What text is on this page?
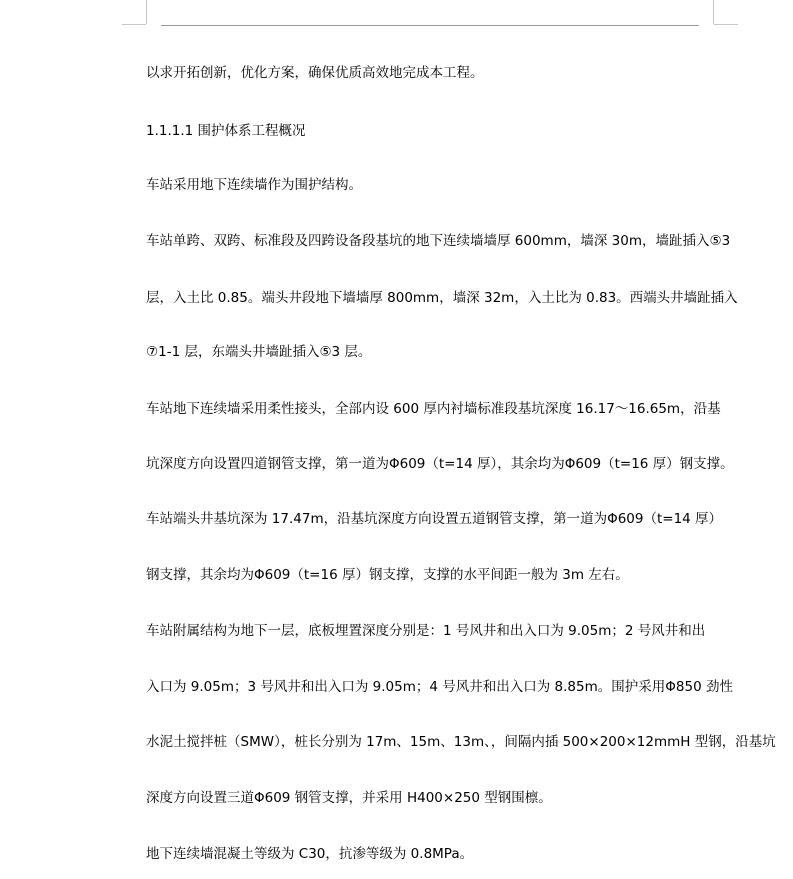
以求开拓创新，优化方案，确保优质高效地完成本工程。
1.1.1.1 围护体系工程概况
车站采用地下连续墙作为围护结构。
车站单跨、双跨、标准段及四跨设备段基坑的地下连续墙墙厚 600mm，墙深 30m，墙趾插入⑤3
层，入土比 0.85。端头井段地下墙墙厚 800mm，墙深 32m，入土比为 0.83。西端头井墙趾插入
⑦1-1 层，东端头井墙趾插入⑤3 层。
车站地下连续墙采用柔性接头，全部内设 600 厚内衬墙标准段基坑深度 16.17～16.65m，沿基
坑深度方向设置四道钢管支撑，第一道为Φ609（t=14 厚），其余均为Φ609（t=16 厚）钢支撑。
车站端头井基坑深为 17.47m，沿基坑深度方向设置五道钢管支撑，第一道为Φ609（t=14 厚）
钢支撑，其余均为Φ609（t=16 厚）钢支撑，支撑的水平间距一般为 3m 左右。
车站附属结构为地下一层，底板埋置深度分别是：1 号风井和出入口为 9.05m；2 号风井和出
入口为 9.05m；3 号风井和出入口为 9.05m；4 号风井和出入口为 8.85m。围护采用Φ850 劲性
水泥土搅拌桩（SMW），桩长分别为 17m、15m、13m、，间隔内插 500×200×12mmH 型钢，沿基坑
深度方向设置三道Φ609 钢管支撑，并采用 H400×250 型钢围檩。
地下连续墙混凝土等级为 C30，抗渗等级为 0.8MPa。
